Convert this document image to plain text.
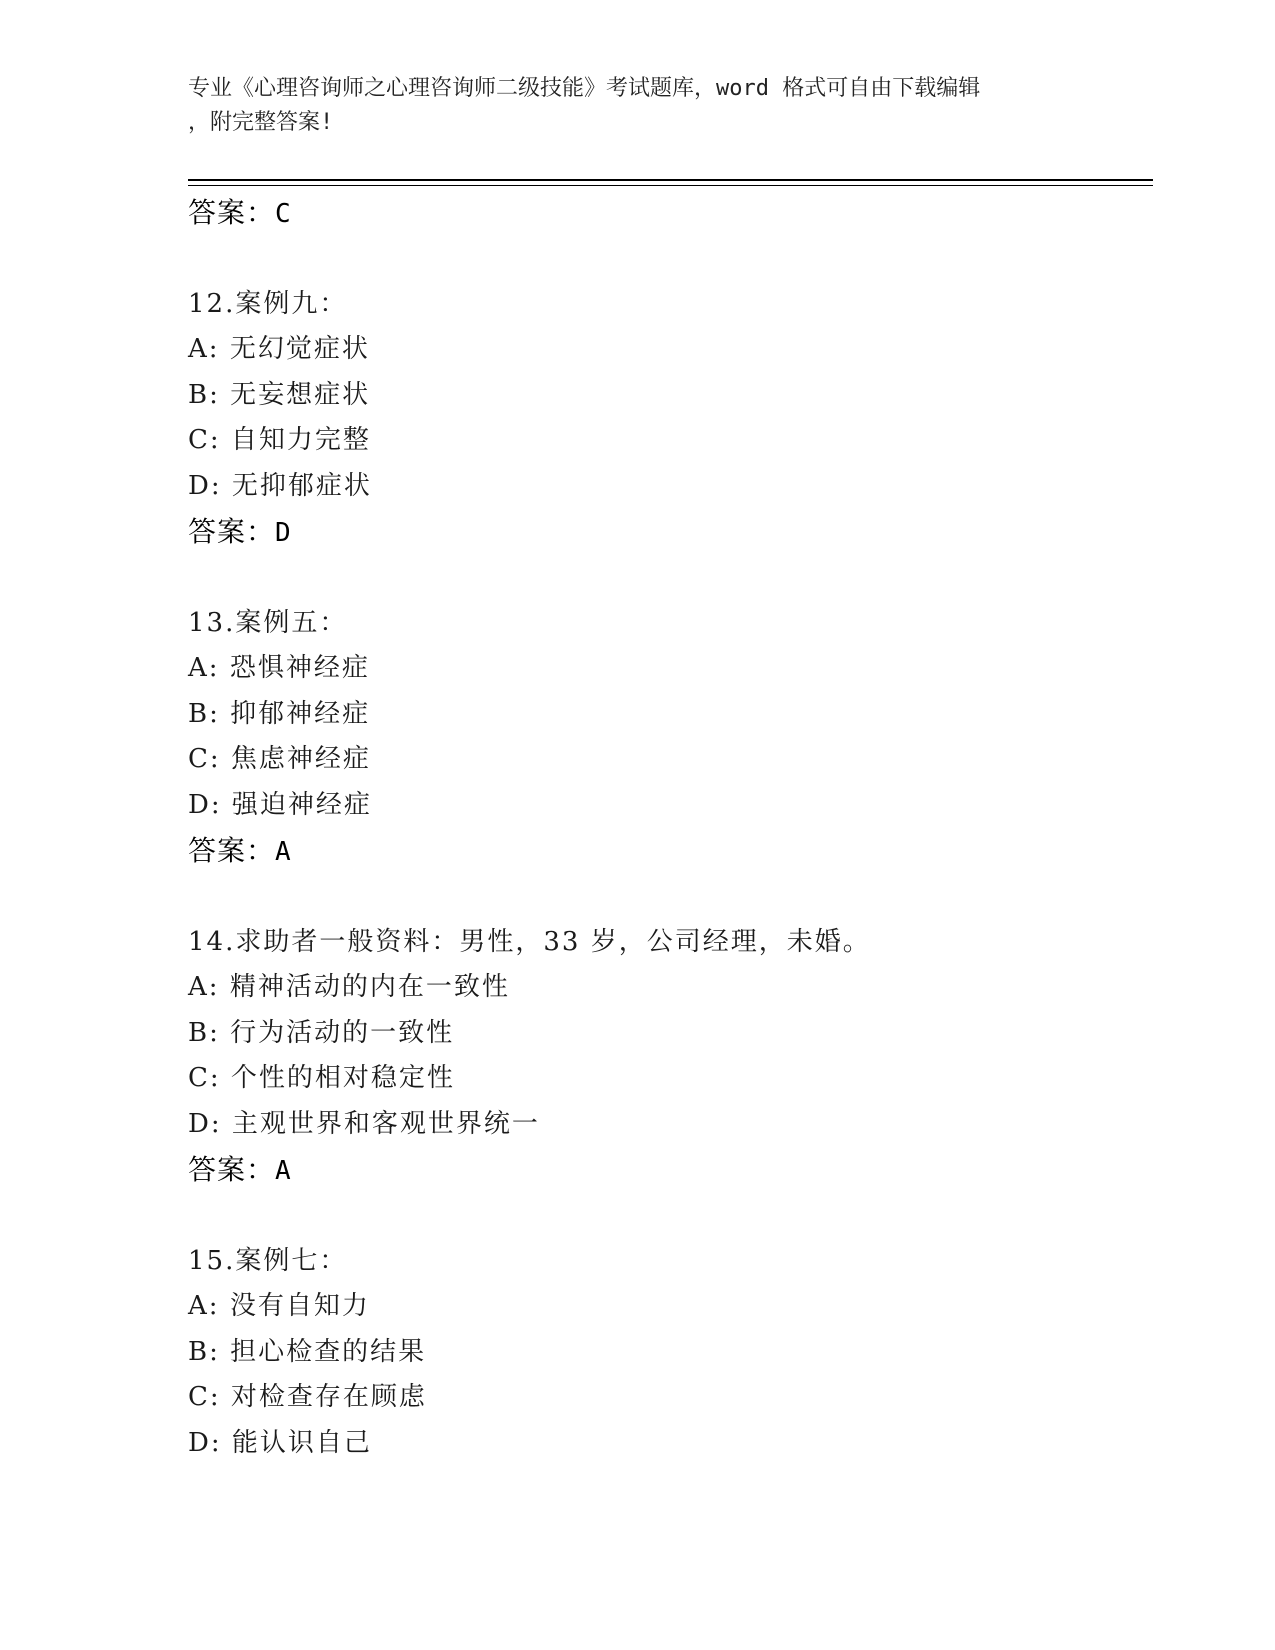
专业《心理咨询师之心理咨询师二级技能》考试题库，word 格式可自由下载编辑
，附完整答案!
答案：C
12.案例九：
A: 无幻觉症状
B: 无妄想症状
C: 自知力完整
D: 无抑郁症状
答案：D
13.案例五：
A: 恐惧神经症
B: 抑郁神经症
C: 焦虑神经症
D: 强迫神经症
答案：A
14.求助者一般资料：男性，33 岁，公司经理，未婚。
A: 精神活动的内在一致性
B: 行为活动的一致性
C: 个性的相对稳定性
D: 主观世界和客观世界统一
答案：A
15.案例七：
A: 没有自知力
B: 担心检查的结果
C: 对检查存在顾虑
D: 能认识自己
